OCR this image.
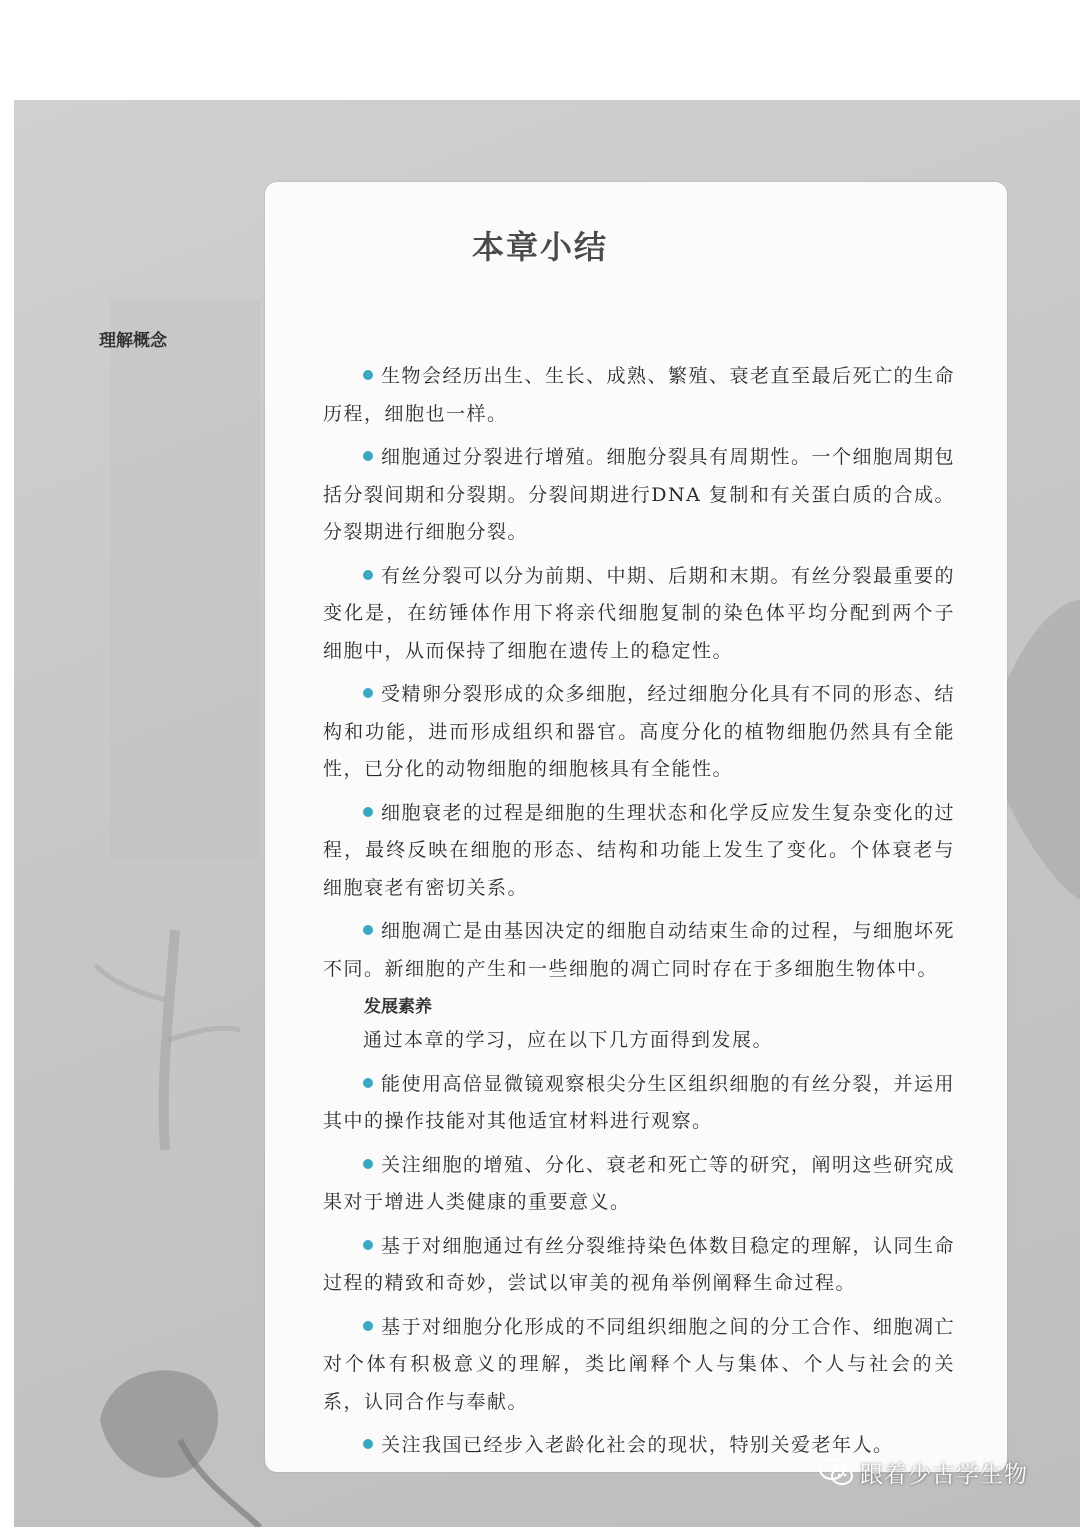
本章小结
理解概念

生物会经历出生、生长、成熟、繁殖、衰老直至最后死亡的生命历程，细胞也一样。

细胞通过分裂进行增殖。细胞分裂具有周期性。一个细胞周期包括分裂间期和分裂期。分裂间期进行DNA 复制和有关蛋白质的合成。分裂期进行细胞分裂。

有丝分裂可以分为前期、中期、后期和末期。有丝分裂最重要的变化是，在纺锤体作用下将亲代细胞复制的染色体平均分配到两个子细胞中，从而保持了细胞在遗传上的稳定性。

受精卵分裂形成的众多细胞，经过细胞分化具有不同的形态、结构和功能，进而形成组织和器官。高度分化的植物细胞仍然具有全能性，已分化的动物细胞的细胞核具有全能性。

细胞衰老的过程是细胞的生理状态和化学反应发生复杂变化的过程，最终反映在细胞的形态、结构和功能上发生了变化。个体衰老与细胞衰老有密切关系。

细胞凋亡是由基因决定的细胞自动结束生命的过程，与细胞坏死不同。新细胞的产生和一些细胞的凋亡同时存在于多细胞生物体中。

发展素养

通过本章的学习，应在以下几方面得到发展。

能使用高倍显微镜观察根尖分生区组织细胞的有丝分裂，并运用其中的操作技能对其他适宜材料进行观察。

关注细胞的增殖、分化、衰老和死亡等的研究，阐明这些研究成果对于增进人类健康的重要意义。

基于对细胞通过有丝分裂维持染色体数目稳定的理解，认同生命过程的精致和奇妙，尝试以审美的视角举例阐释生命过程。

基于对细胞分化形成的不同组织细胞之间的分工合作、细胞凋亡对个体有积极意义的理解，类比阐释个人与集体、个人与社会的关系，认同合作与奉献。

关注我国已经步入老龄化社会的现状，特别关爱老年人。

跟着少古学生物
